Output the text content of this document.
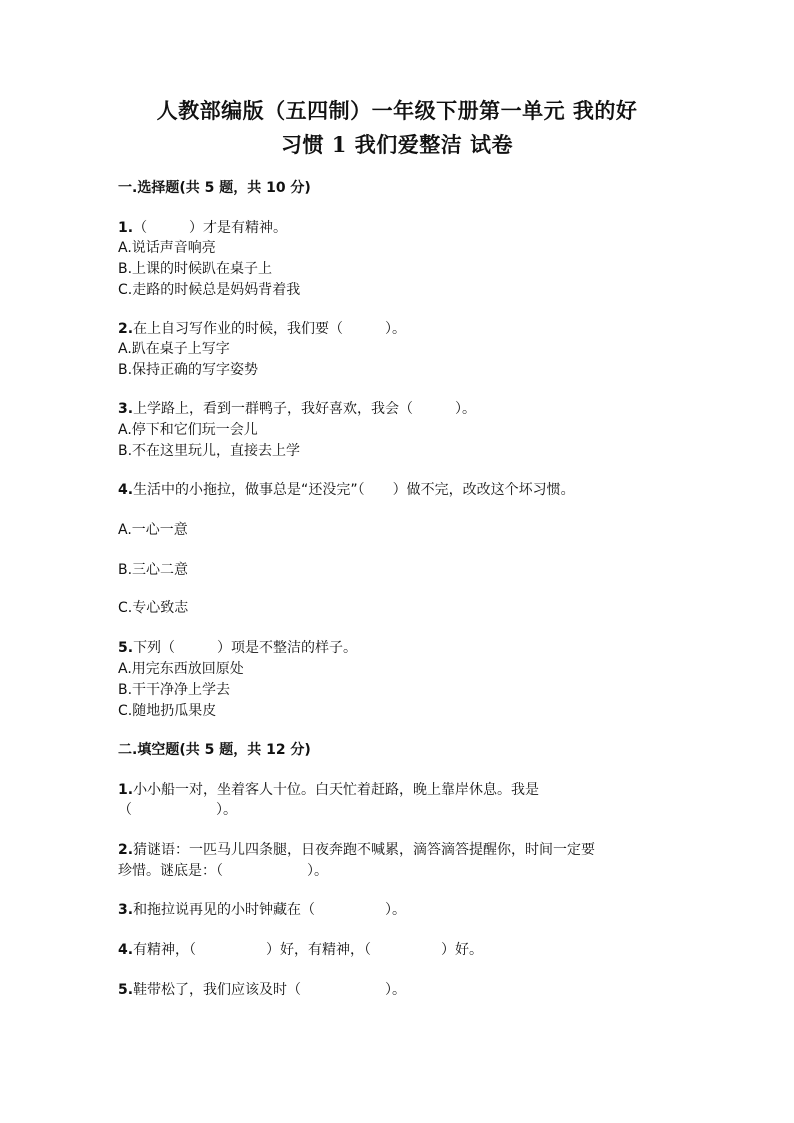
人教部编版（五四制）一年级下册第一单元 我的好
习惯 1 我们爱整洁 试卷
一.选择题(共 5 题，共 10 分)
1.（　　　）才是有精神。
A.说话声音响亮
B.上课的时候趴在桌子上
C.走路的时候总是妈妈背着我
2.在上自习写作业的时候，我们要（　　　）。
A.趴在桌子上写字
B.保持正确的写字姿势
3.上学路上，看到一群鸭子，我好喜欢，我会（　　　）。
A.停下和它们玩一会儿
B.不在这里玩儿，直接去上学
4.生活中的小拖拉，做事总是“还没完”（　　）做不完，改改这个坏习惯。
A.一心一意
B.三心二意
C.专心致志
5.下列（　　　）项是不整洁的样子。
A.用完东西放回原处
B.干干净净上学去
C.随地扔瓜果皮
二.填空题(共 5 题，共 12 分)
1.小小船一对，坐着客人十位。白天忙着赶路，晚上靠岸休息。我是
（　　　　　　）。
2.猜谜语：一匹马儿四条腿，日夜奔跑不喊累，滴答滴答提醒你，时间一定要
珍惜。谜底是：（　　　　　　）。
3.和拖拉说再见的小时钟藏在（　　　　　）。
4.有精神，（　　　　　）好，有精神，（　　　　　）好。
5.鞋带松了，我们应该及时（　　　　　　）。
